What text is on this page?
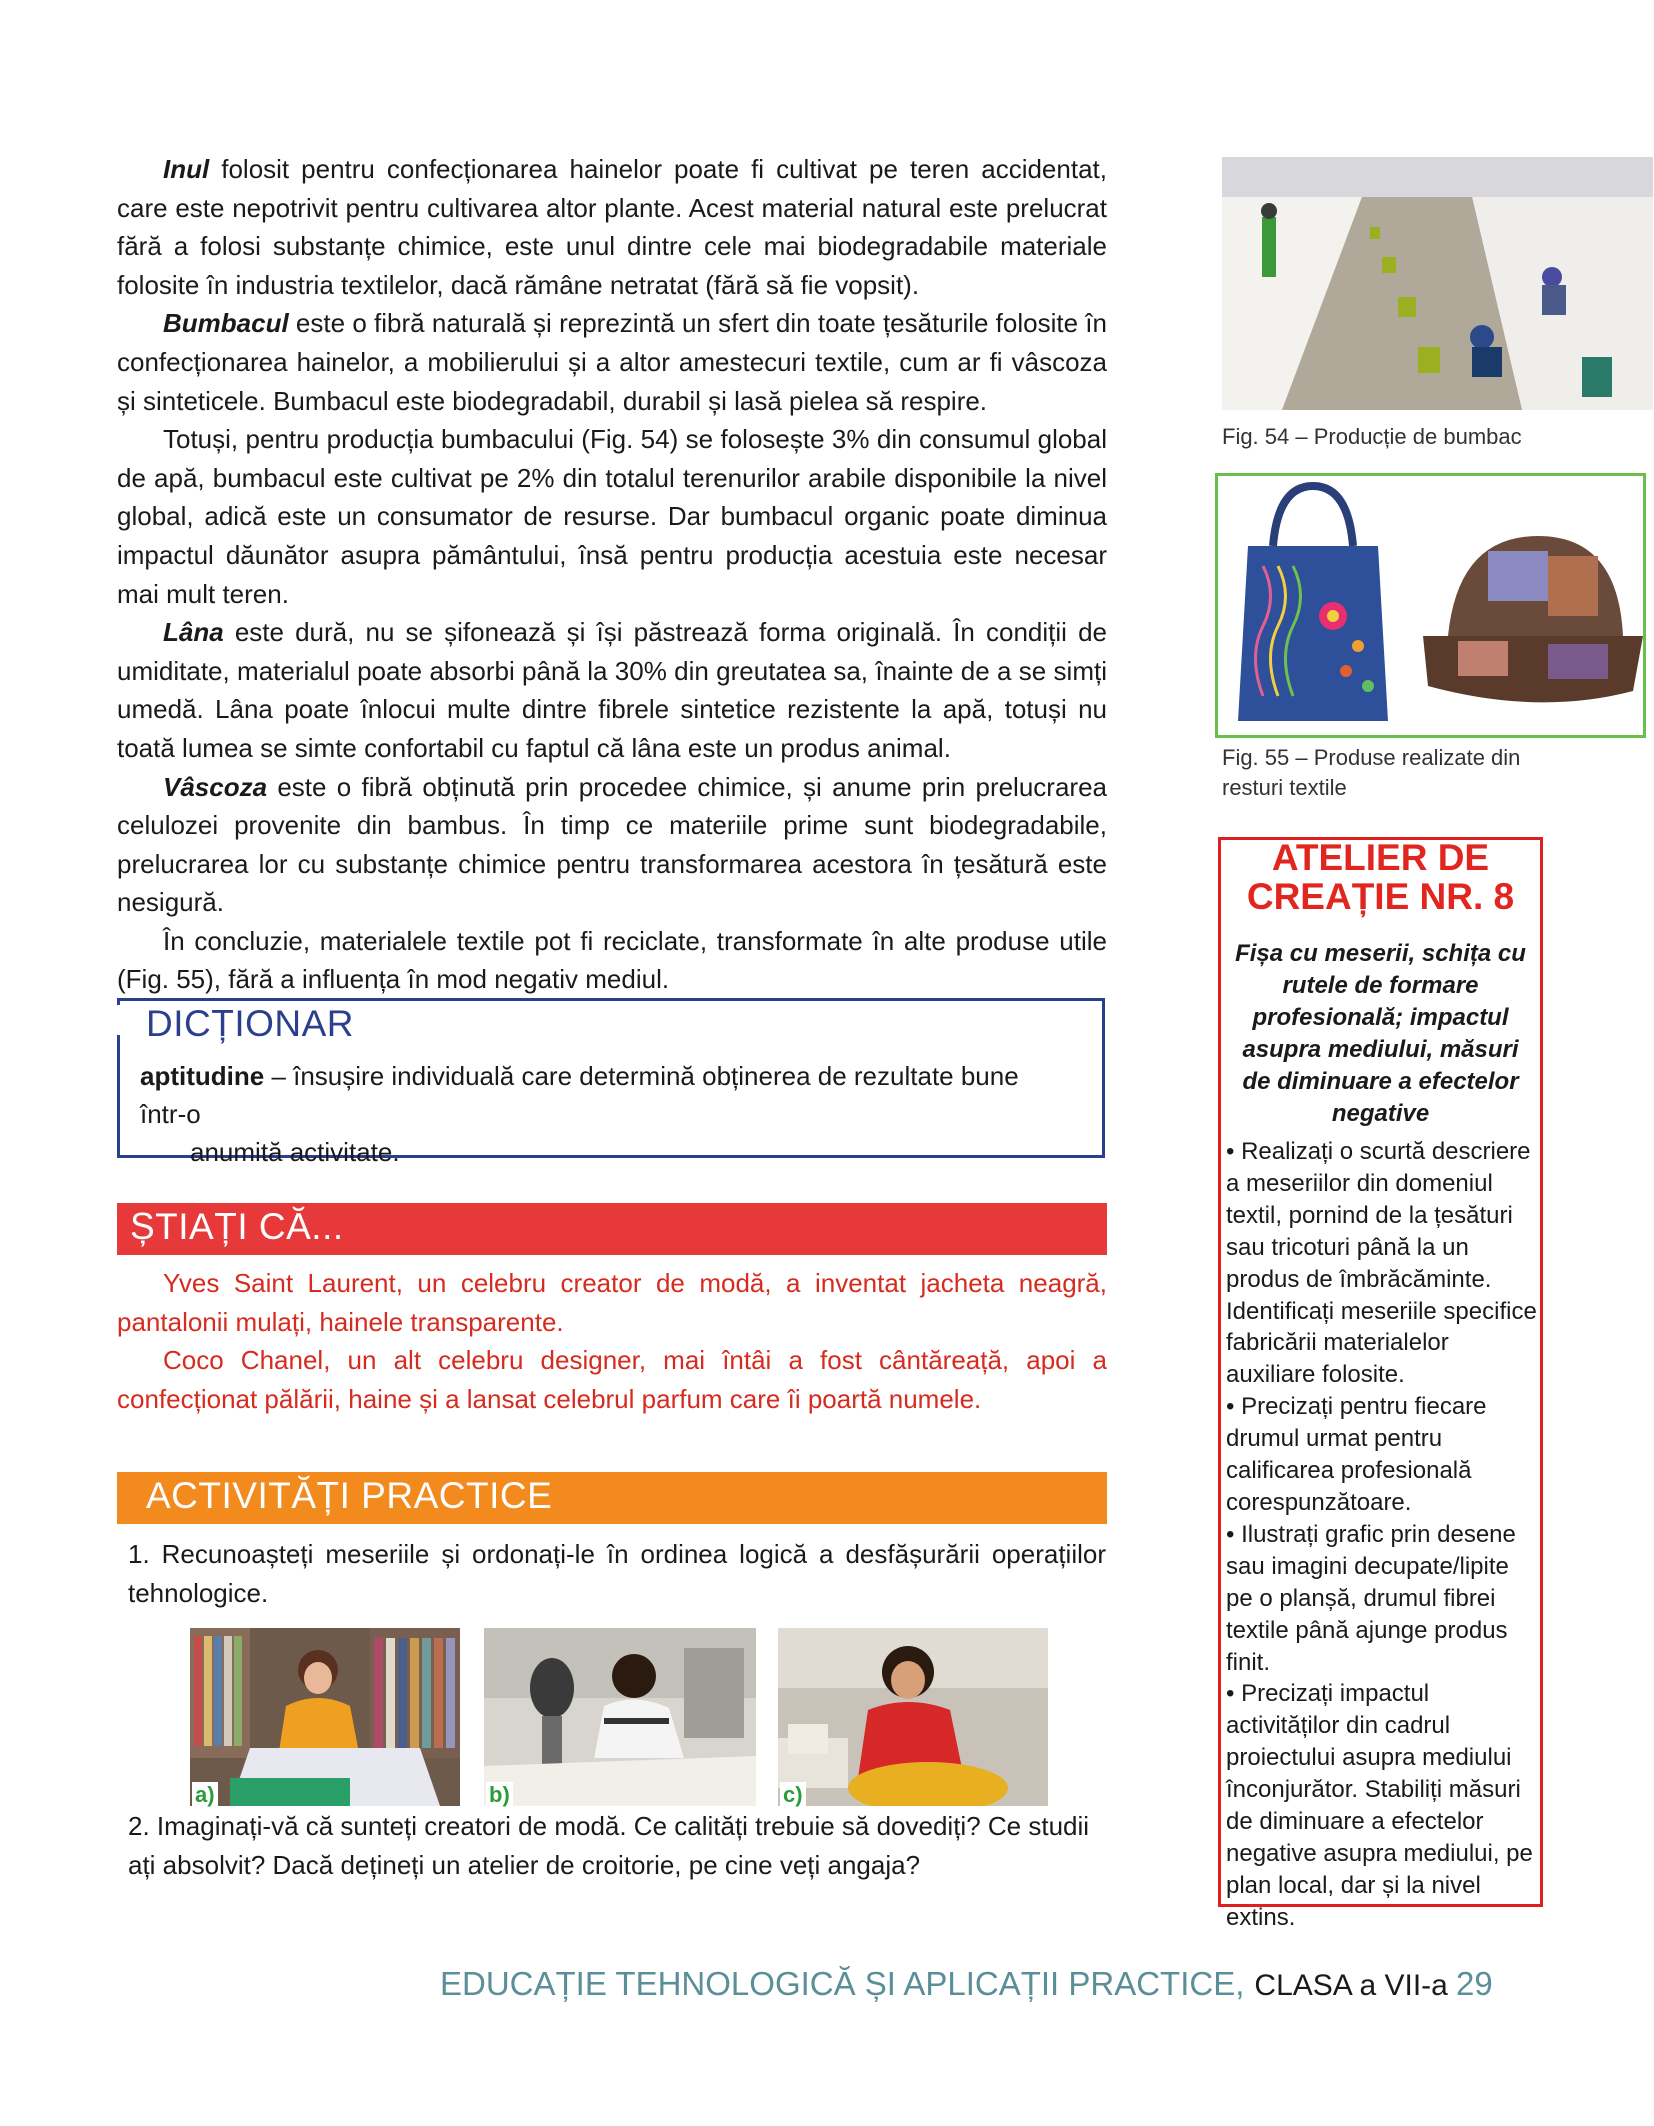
Inul folosit pentru confecționarea hainelor poate fi cultivat pe teren accidentat, care este nepotrivit pentru cultivarea altor plante. Acest material natural este prelucrat fără a folosi substanțe chimice, este unul dintre cele mai biodegradabile materiale folosite în industria textilelor, dacă rămâne netratat (fără să fie vopsit).

Bumbacul este o fibră naturală și reprezintă un sfert din toate țesăturile folosite în confecționarea hainelor, a mobilierului și a altor amestecuri textile, cum ar fi vâscoza și sinteticele. Bumbacul este biodegradabil, durabil și lasă pielea să respire.

Totuși, pentru producția bumbacului (Fig. 54) se folosește 3% din consumul global de apă, bumbacul este cultivat pe 2% din totalul terenurilor arabile disponibile la nivel global, adică este un consumator de resurse. Dar bumbacul organic poate diminua impactul dăunător asupra pământului, însă pentru producția acestuia este necesar mai mult teren.

Lâna este dură, nu se șifonează și își păstrează forma originală. În condiții de umiditate, materialul poate absorbi până la 30% din greutatea sa, înainte de a se simți umedă. Lâna poate înlocui multe dintre fibrele sintetice rezistente la apă, totuși nu toată lumea se simte confortabil cu faptul că lâna este un produs animal.

Vâscoza este o fibră obținută prin procedee chimice, și anume prin prelucrarea celulozei provenite din bambus. În timp ce materiile prime sunt biodegradabile, prelucrarea lor cu substanțe chimice pentru transformarea acestora în țesătură este nesigură.

În concluzie, materialele textile pot fi reciclate, transformate în alte produse utile (Fig. 55), fără a influența în mod negativ mediul.

DICȚIONAR
aptitudine – însușire individuală care determină obținerea de rezultate bune într-o
anumită activitate.
ȘTIAȚI CĂ...

Yves Saint Laurent, un celebru creator de modă, a inventat jacheta neagră, pantalonii mulați, hainele transparente.

Coco Chanel, un alt celebru designer, mai întâi a fost cântăreață, apoi a confecționat pălării, haine și a lansat celebrul parfum care îi poartă numele.

ACTIVITĂȚI PRACTICE
1. Recunoașteți meseriile și ordonați-le în ordinea logică a desfășurării operațiilor tehnologice.
a)	b)	c)
2. Imaginați-vă că sunteți creatori de modă. Ce calități trebuie să dovediți? Ce studii ați absolvit? Dacă dețineți un atelier de croitorie, pe cine veți angaja?
Fig. 54 – Producție de bumbac
Fig. 55 – Produse realizate din
resturi textile
ATELIER DE
CREAȚIE NR. 8
Fișa cu meserii, schița cu rutele de formare profesională; impactul asupra mediului, măsuri de diminuare a efectelor negative

• Realizați o scurtă descriere a meseriilor din domeniul textil, pornind de la țesături sau tricoturi până la un produs de îmbrăcăminte. Identificați meseriile specifice fabricării materialelor auxiliare folosite.

• Precizați pentru fiecare drumul urmat pentru calificarea profesională corespunzătoare.

• Ilustrați grafic prin desene sau imagini decupate/lipite pe o planșă, drumul fibrei textile până ajunge produs finit.

• Precizați impactul activităților din cadrul proiectului asupra mediului înconjurător. Stabiliți măsuri de diminuare a efectelor negative asupra mediului, pe plan local, dar și la nivel extins.

EDUCAȚIE TEHNOLOGICĂ ȘI APLICAȚII PRACTICE, CLASA a VII-a 29
